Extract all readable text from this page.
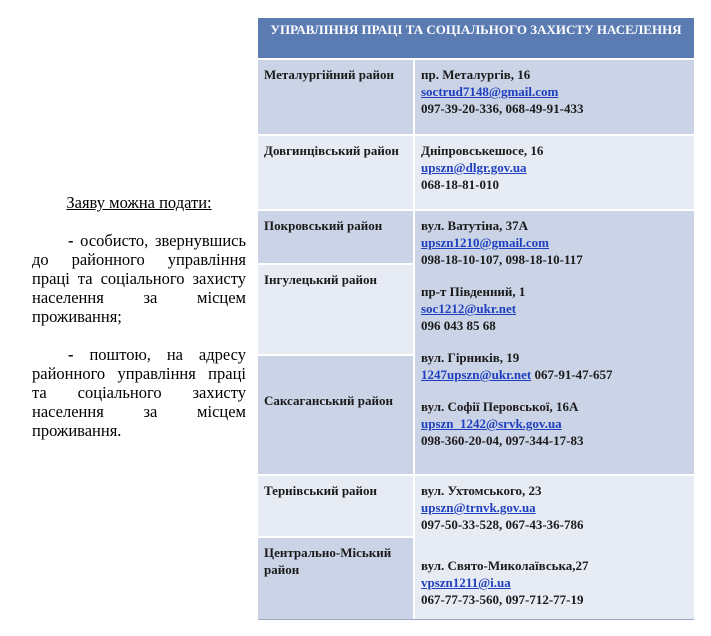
Заяву можна подати:
- особисто, звернувшись до районного управління праці та соціального захисту населення за місцем проживання;
- поштою, на адресу районного управління праці та соціального захисту населення за місцем проживання.
УПРАВЛІННЯ ПРАЦІ ТА СОЦІАЛЬНОГО ЗАХИСТУ НАСЕЛЕННЯ
Металургійний район	пр. Металургів, 16
soctrud7148@gmail.com
097-39-20-336, 068-49-91-433
Довгинцівський район	Дніпровськешосе, 16
upszn@dlgr.gov.ua
068-18-81-010
Покровський район
Інгулецький район
Саксаганський район
вул. Ватутіна, 37А
upszn1210@gmail.com
098-18-10-107, 098-18-10-117
пр-т Південний, 1
soc1212@ukr.net
096 043 85 68
вул. Гірників, 19
1247upszn@ukr.net 067-91-47-657
вул. Софії Перовської, 16А
upszn_1242@srvk.gov.ua
098-360-20-04, 097-344-17-83
Тернівський район
Центрально-Міський район
вул. Ухтомського, 23
upszn@trnvk.gov.ua
097-50-33-528, 067-43-36-786
вул. Свято-Миколаївська,27
vpszn1211@i.ua
067-77-73-560, 097-712-77-19
